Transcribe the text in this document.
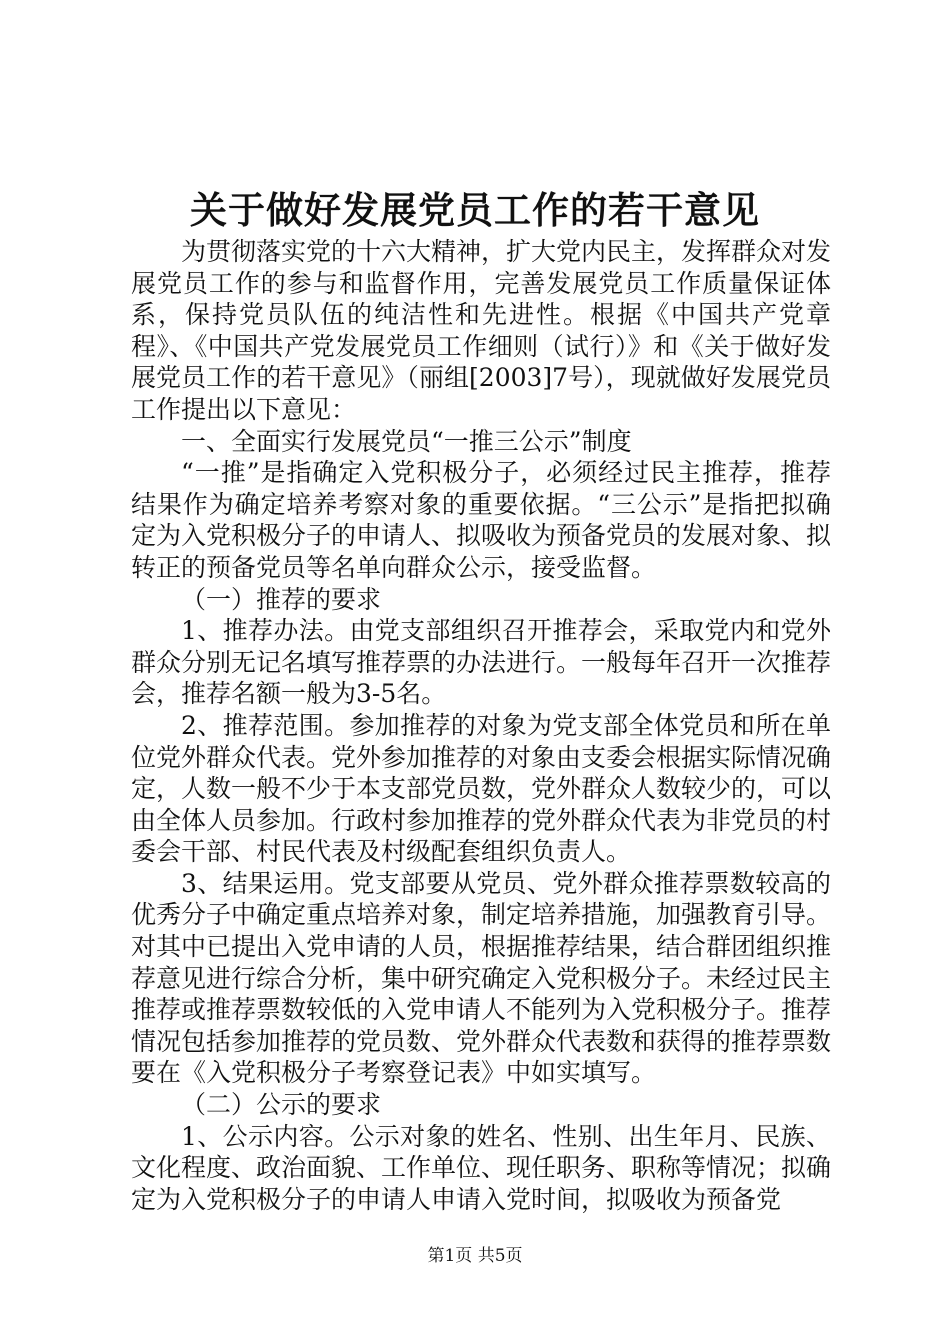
关于做好发展党员工作的若干意见

为贯彻落实党的十六大精神，扩大党内民主，发挥群众对发展党员工作的参与和监督作用，完善发展党员工作质量保证体系，保持党员队伍的纯洁性和先进性。根据《中国共产党章程》、《中国共产党发展党员工作细则（试行）》和《关于做好发展党员工作的若干意见》（丽组[2003]7号），现就做好发展党员工作提出以下意见：

一、全面实行发展党员“一推三公示”制度

“一推”是指确定入党积极分子，必须经过民主推荐，推荐结果作为确定培养考察对象的重要依据。“三公示”是指把拟确定为入党积极分子的申请人、拟吸收为预备党员的发展对象、拟转正的预备党员等名单向群众公示，接受监督。

（一）推荐的要求

1、推荐办法。由党支部组织召开推荐会，采取党内和党外群众分别无记名填写推荐票的办法进行。一般每年召开一次推荐会，推荐名额一般为3-5名。

2、推荐范围。参加推荐的对象为党支部全体党员和所在单位党外群众代表。党外参加推荐的对象由支委会根据实际情况确定，人数一般不少于本支部党员数，党外群众人数较少的，可以由全体人员参加。行政村参加推荐的党外群众代表为非党员的村委会干部、村民代表及村级配套组织负责人。

3、结果运用。党支部要从党员、党外群众推荐票数较高的优秀分子中确定重点培养对象，制定培养措施，加强教育引导。对其中已提出入党申请的人员，根据推荐结果，结合群团组织推荐意见进行综合分析，集中研究确定入党积极分子。未经过民主推荐或推荐票数较低的入党申请人不能列为入党积极分子。推荐情况包括参加推荐的党员数、党外群众代表数和获得的推荐票数要在《入党积极分子考察登记表》中如实填写。

（二）公示的要求

1、公示内容。公示对象的姓名、性别、出生年月、民族、文化程度、政治面貌、工作单位、现任职务、职称等情况；拟确定为入党积极分子的申请人申请入党时间，拟吸收为预备党

第1页 共5页
